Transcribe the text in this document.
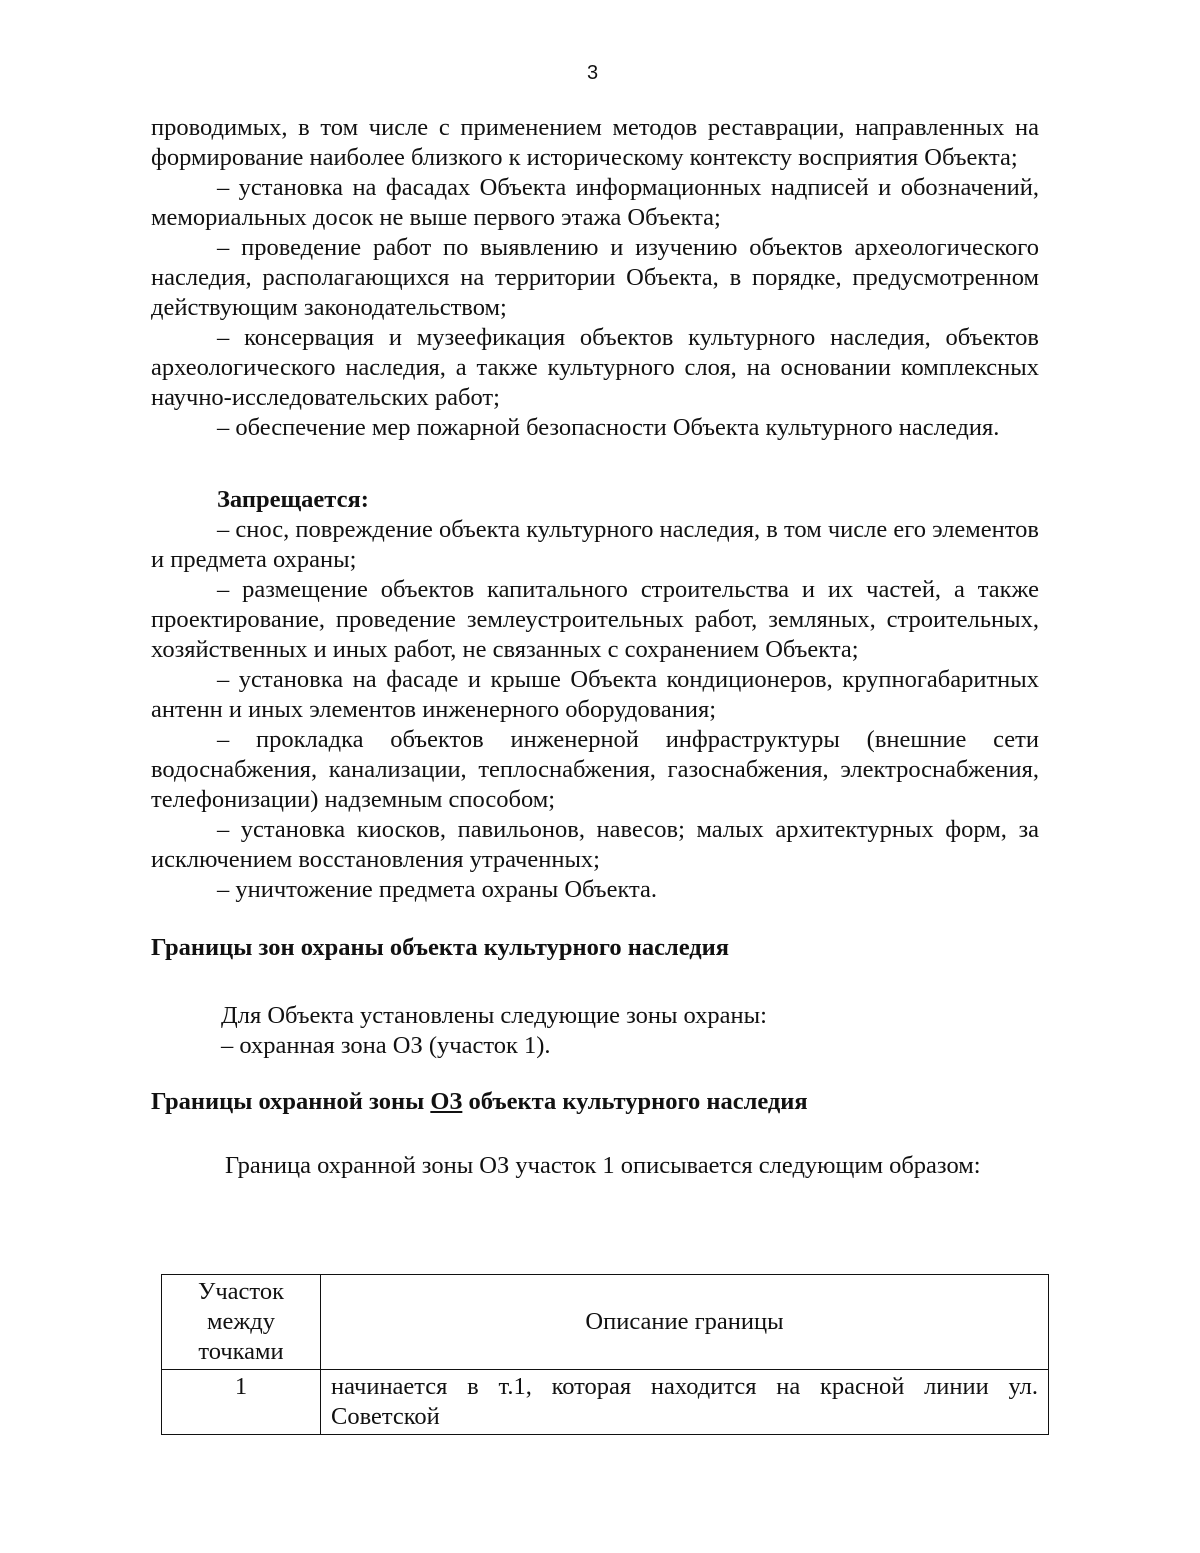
3

проводимых, в том числе с применением методов реставрации, направленных на формирование наиболее близкого к историческому контексту восприятия Объекта;

– установка на фасадах Объекта информационных надписей и обозначений, мемориальных досок не выше первого этажа Объекта;

– проведение работ по выявлению и изучению объектов археологического наследия, располагающихся на территории Объекта, в порядке, предусмотренном действующим законодательством;

– консервация и музеефикация объектов культурного наследия, объектов археологического наследия, а также культурного слоя, на основании комплексных научно-исследовательских работ;

– обеспечение мер пожарной безопасности Объекта культурного наследия.

Запрещается:

– снос, повреждение объекта культурного наследия, в том числе его элементов и предмета охраны;

– размещение объектов капитального строительства и их частей, а также проектирование, проведение землеустроительных работ, земляных, строительных, хозяйственных и иных работ, не связанных с сохранением Объекта;

– установка на фасаде и крыше Объекта кондиционеров, крупногабаритных антенн и иных элементов инженерного оборудования;

– прокладка объектов инженерной инфраструктуры (внешние сети водоснабжения, канализации, теплоснабжения, газоснабжения, электроснабжения, телефонизации) надземным способом;

– установка киосков, павильонов, навесов; малых архитектурных форм, за исключением восстановления утраченных;

– уничтожение предмета охраны Объекта.

Границы зон охраны объекта культурного наследия

Для Объекта установлены следующие зоны охраны:

– охранная зона ОЗ (участок 1).

Границы охранной зоны ОЗ объекта культурного наследия

Граница охранной зоны ОЗ участок 1 описывается следующим образом:

Участок между точками	Описание границы
1	начинается в т.1, которая находится на красной линии ул. Советской
